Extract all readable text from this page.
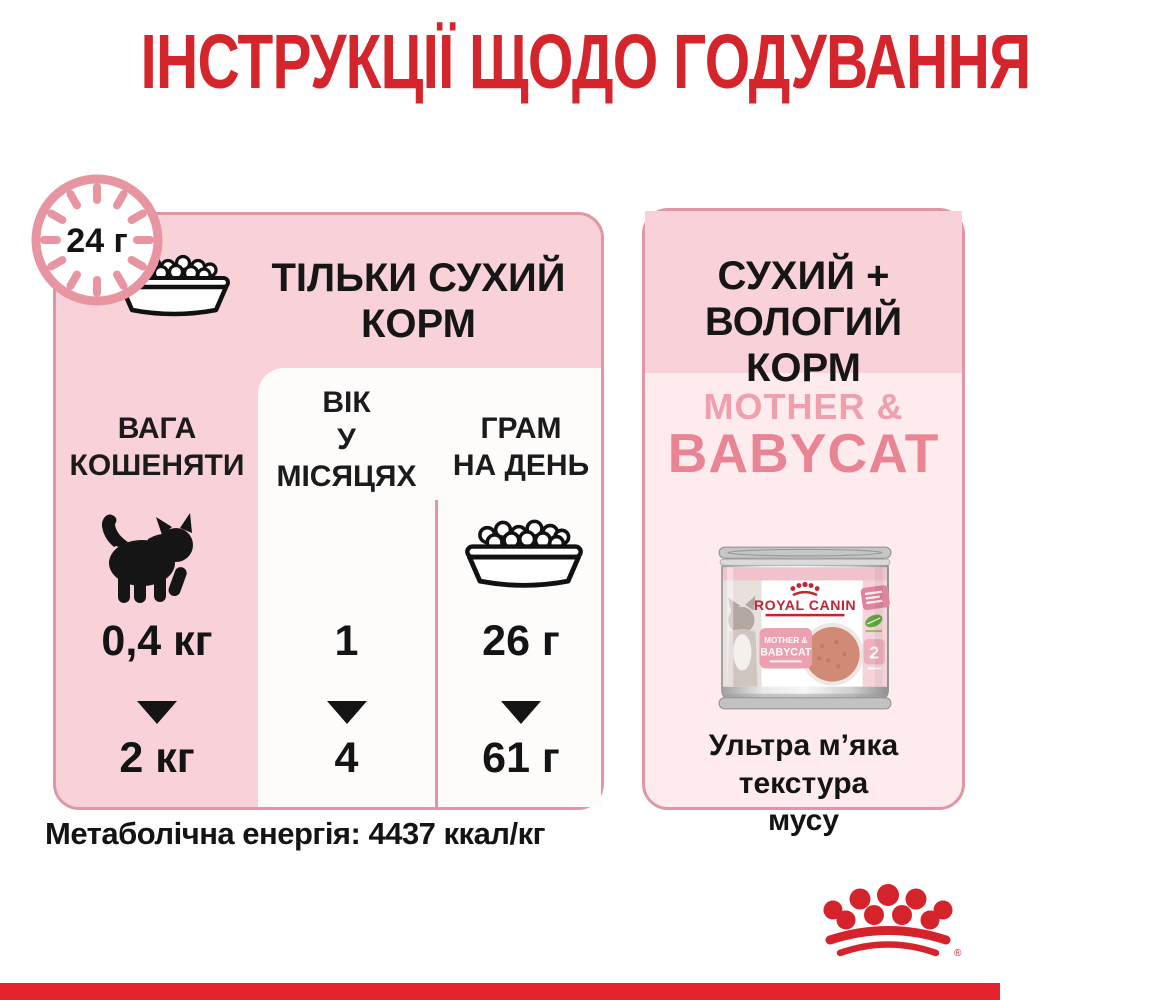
ІНСТРУКЦІЇ ЩОДО ГОДУВАННЯ
ТІЛЬКИ СУХИЙ
КОРМ
ВАГА
КОШЕНЯТИ
ВІК
У
МІСЯЦЯХ
ГРАМ
НА ДЕНЬ
0,4 кг	1	26 г
2 кг	4	61 г
24 г
СУХИЙ + ВОЛОГИЙ
КОРМ
MOTHER &
BABYCAT
ROYAL CANIN
MOTHER &
BABYCAT	2
Ультра м’яка текстура
мусу
Метаболічна енергія: 4437 ккал/кг
®
